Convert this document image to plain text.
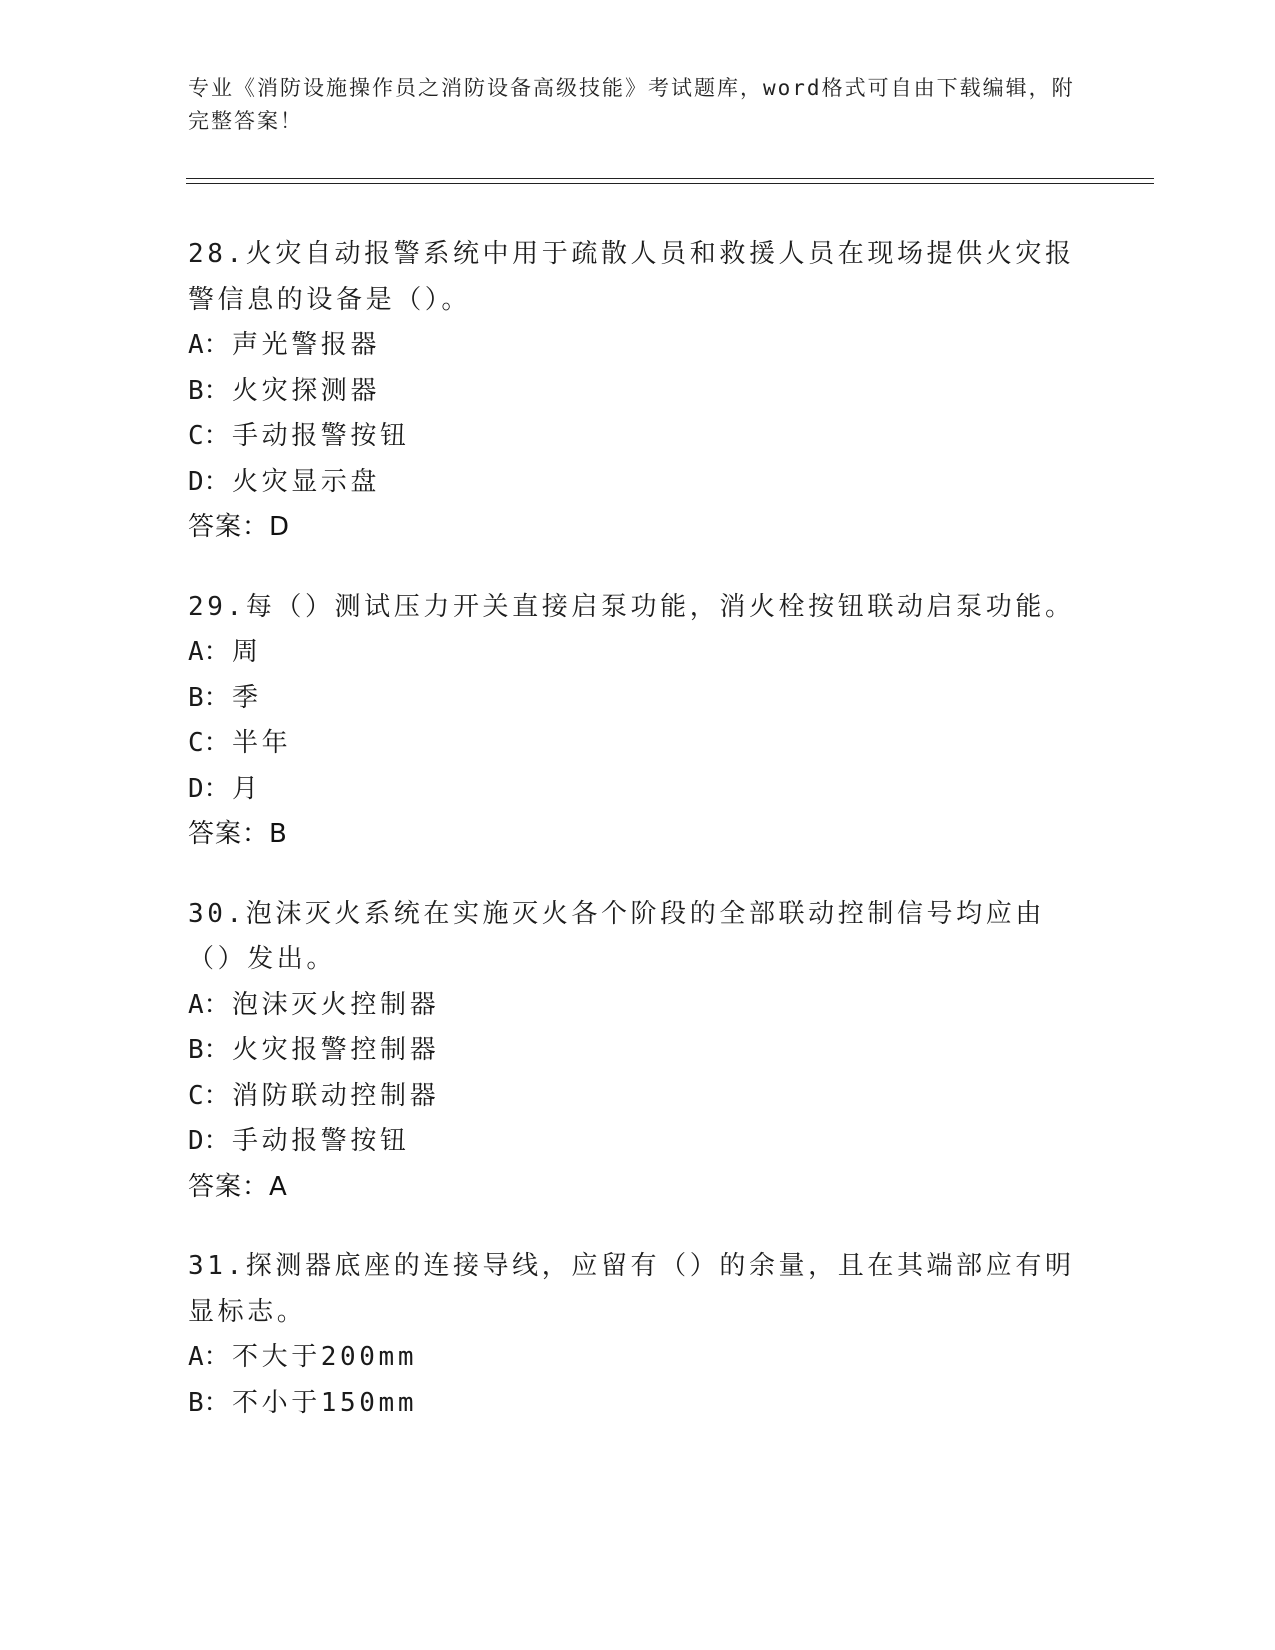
专业《消防设施操作员之消防设备高级技能》考试题库，word格式可自由下载编辑，附完整答案！
28.火灾自动报警系统中用于疏散人员和救援人员在现场提供火灾报警信息的设备是（）。
A：声光警报器
B：火灾探测器
C：手动报警按钮
D：火灾显示盘
答案：D
29.每（）测试压力开关直接启泵功能，消火栓按钮联动启泵功能。
A：周
B：季
C：半年
D：月
答案：B
30.泡沫灭火系统在实施灭火各个阶段的全部联动控制信号均应由（）发出。
A：泡沫灭火控制器
B：火灾报警控制器
C：消防联动控制器
D：手动报警按钮
答案：A
31.探测器底座的连接导线，应留有（）的余量，且在其端部应有明显标志。
A：不大于200mm
B：不小于150mm
